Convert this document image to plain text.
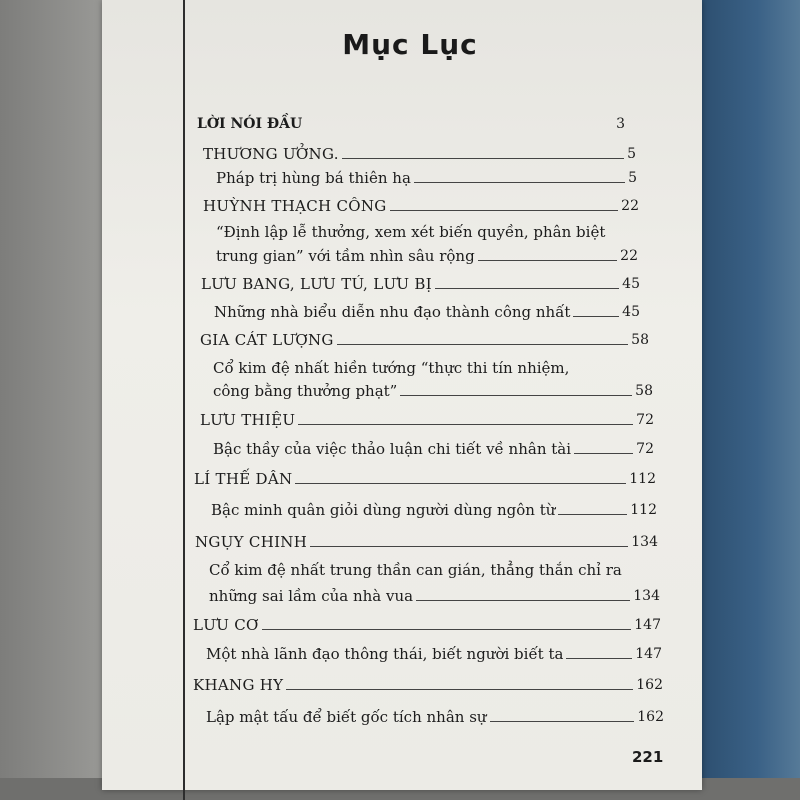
Mục Lục
LỜI NÓI ĐẦU	3
THƯƠNG ƯỞNG.	5
Pháp trị hùng bá thiên hạ	5
HUỲNH THẠCH CÔNG	22
“Định lập lễ thưởng, xem xét biến quyền, phân biệt
trung gian” với tầm nhìn sâu rộng	22
LƯU BANG, LƯU TÚ, LƯU BỊ	45
Những nhà biểu diễn nhu đạo thành công nhất	45
GIA CÁT LƯỢNG	58
Cổ kim đệ nhất hiền tướng “thực thi tín nhiệm,
công bằng thưởng phạt”	58
LƯU THIỆU	72
Bậc thầy của việc thảo luận chi tiết về nhân tài	72
LÍ THẾ DÂN	112
Bậc minh quân giỏi dùng người dùng ngôn từ	112
NGỤY CHINH	134
Cổ kim đệ nhất trung thần can gián, thẳng thắn chỉ ra
những sai lầm của nhà vua	134
LƯU CƠ	147
Một nhà lãnh đạo thông thái, biết người biết ta	147
KHANG HY	162
Lập mật tấu để biết gốc tích nhân sự	162
221
